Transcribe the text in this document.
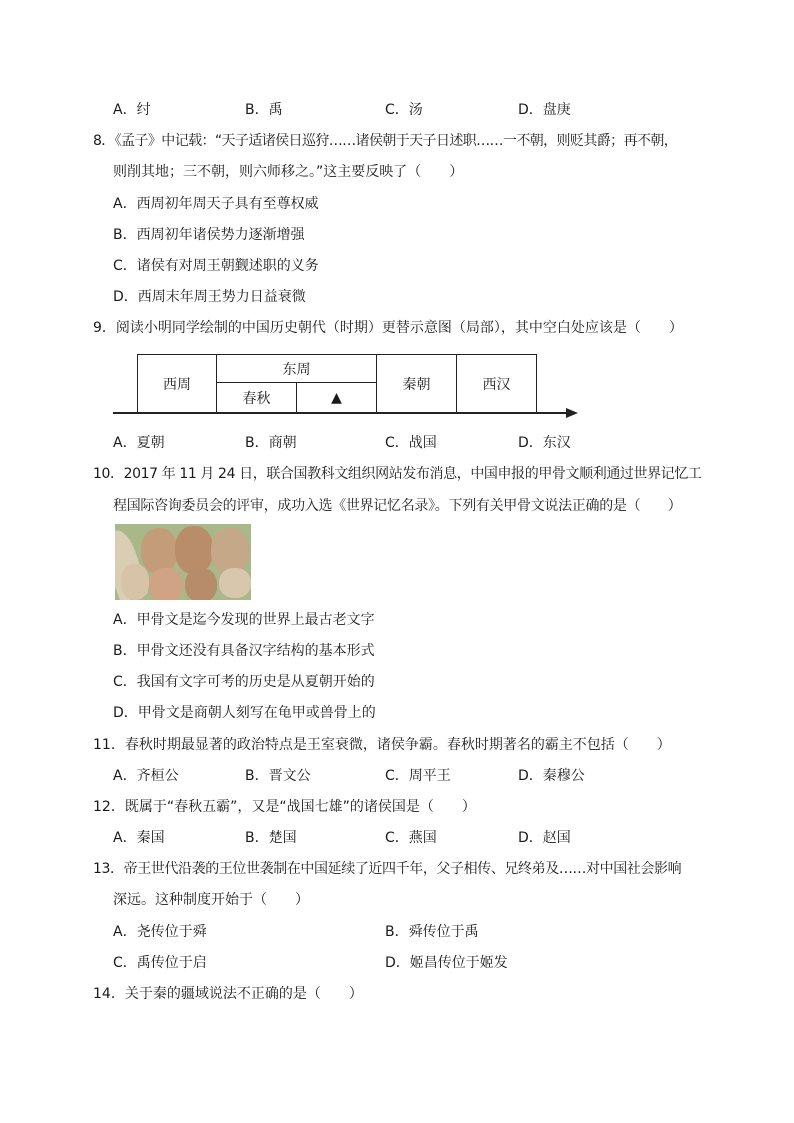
A．纣	B．禹	C．汤	D．盘庚
8．《孟子》中记载：“天子适诸侯日巡狩……诸侯朝于天子日述职……一不朝，则贬其爵；再不朝，
则削其地；三不朝，则六师移之。”这主要反映了（　　）
A．西周初年周天子具有至尊权威
B．西周初年诸侯势力逐渐增强
C．诸侯有对周王朝觐述职的义务
D．西周末年周王势力日益衰微
9．阅读小明同学绘制的中国历史朝代（时期）更替示意图（局部），其中空白处应该是（　　）
西周
东周
春秋	▲
秦朝	西汉
A．夏朝	B．商朝	C．战国	D．东汉
10．2017 年 11 月 24 日，联合国教科文组织网站发布消息，中国申报的甲骨文顺利通过世界记忆工
程国际咨询委员会的评审，成功入选《世界记忆名录》。下列有关甲骨文说法正确的是（　　）
A．甲骨文是迄今发现的世界上最古老文字
B．甲骨文还没有具备汉字结构的基本形式
C．我国有文字可考的历史是从夏朝开始的
D．甲骨文是商朝人刻写在龟甲或兽骨上的
11．春秋时期最显著的政治特点是王室衰微，诸侯争霸。春秋时期著名的霸主不包括（　　）
A．齐桓公	B．晋文公	C．周平王	D．秦穆公
12．既属于“春秋五霸”，又是“战国七雄”的诸侯国是（　　）
A．秦国	B．楚国	C．燕国	D．赵国
13．帝王世代沿袭的王位世袭制在中国延续了近四千年，父子相传、兄终弟及……对中国社会影响
深远。这种制度开始于（　　）
A．尧传位于舜	B．舜传位于禹
C．禹传位于启	D．姬昌传位于姬发
14．关于秦的疆域说法不正确的是（　　）
